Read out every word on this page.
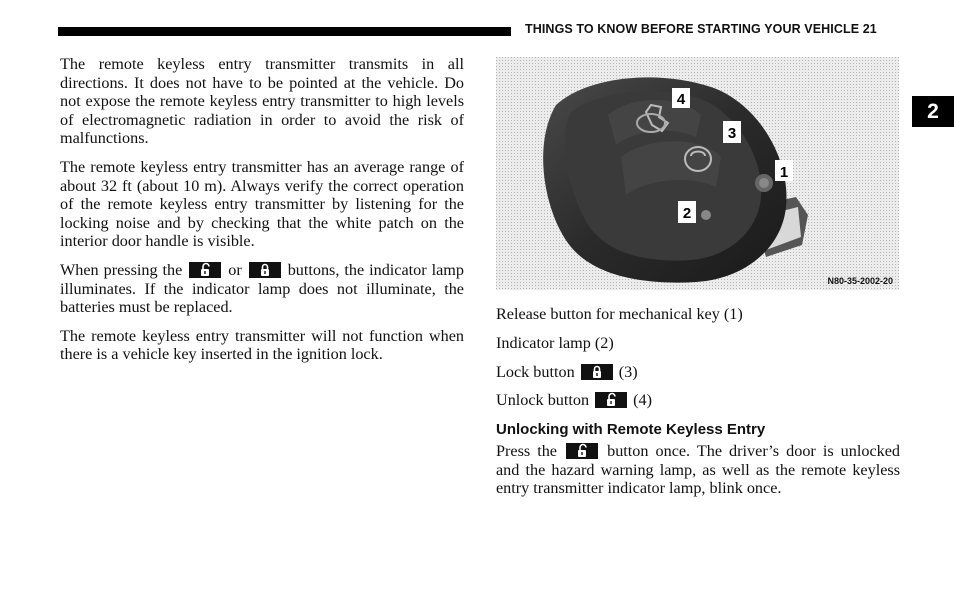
THINGS TO KNOW BEFORE STARTING YOUR VEHICLE 21
2

The remote keyless entry transmitter transmits in all directions. It does not have to be pointed at the vehicle. Do not expose the remote keyless entry transmitter to high levels of electromagnetic radiation in order to avoid the risk of malfunctions.

The remote keyless entry transmitter has an average range of about 32 ft (about 10 m). Always verify the correct operation of the remote keyless entry transmitter by listening for the locking noise and by checking that the white patch on the interior door handle is visible.

When pressing the	or	buttons, the indicator lamp illuminates. If the indicator lamp does not illuminate, the batteries must be replaced.

The remote keyless entry transmitter will not function when there is a vehicle key inserted in the ignition lock.

4
3
1
2
N80-35-2002-20
Release button for mechanical key (1)
Indicator lamp (2)
Lock button	(3)
Unlock button	(4)
Unlocking with Remote Keyless Entry

Press the	button once. The driver’s door is unlocked and the hazard warning lamp, as well as the remote keyless entry transmitter indicator lamp, blink once.
